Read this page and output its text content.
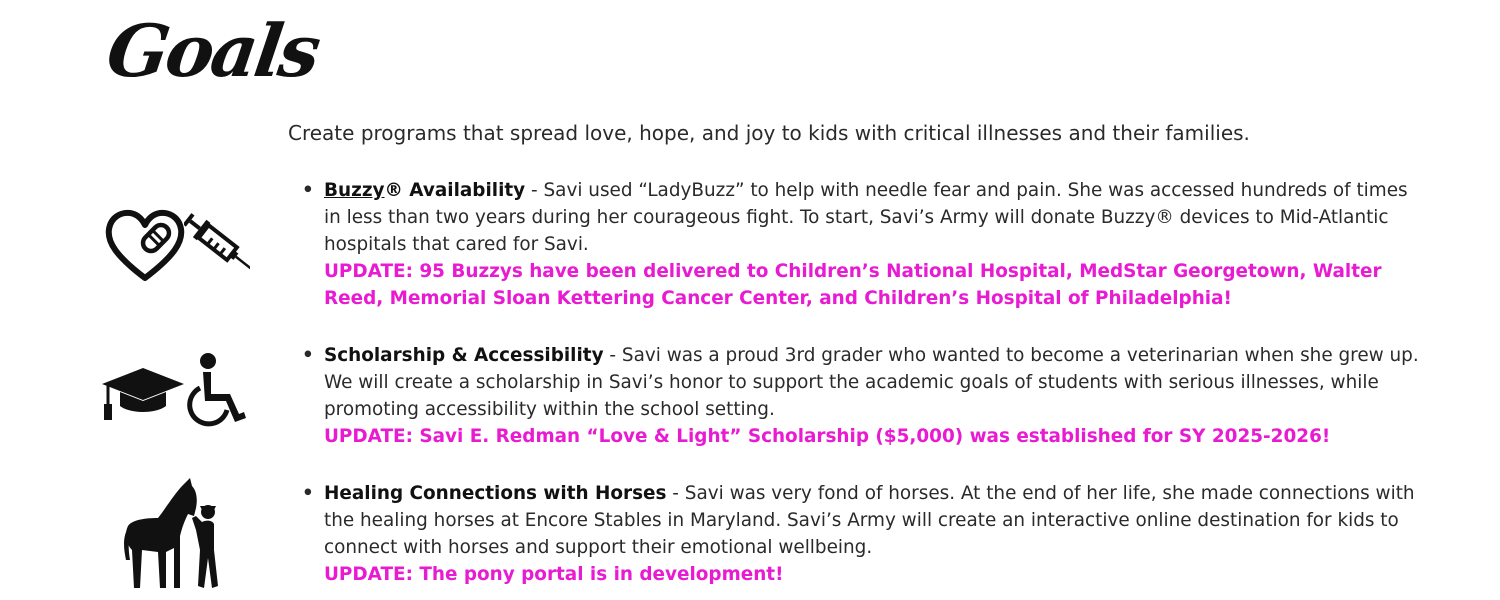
Goals
Create programs that spread love, hope, and joy to kids with critical illnesses and their families.
• Buzzy® Availability - Savi used “LadyBuzz” to help with needle fear and pain. She was accessed hundreds of times in less than two years during her courageous fight. To start, Savi’s Army will donate Buzzy® devices to Mid-Atlantic hospitals that cared for Savi.
UPDATE: 95 Buzzys have been delivered to Children’s National Hospital, MedStar Georgetown, Walter Reed, Memorial Sloan Kettering Cancer Center, and Children’s Hospital of Philadelphia!
• Scholarship & Accessibility - Savi was a proud 3rd grader who wanted to become a veterinarian when she grew up. We will create a scholarship in Savi’s honor to support the academic goals of students with serious illnesses, while promoting accessibility within the school setting.
UPDATE: Savi E. Redman “Love & Light” Scholarship ($5,000) was established for SY 2025-2026!
• Healing Connections with Horses - Savi was very fond of horses. At the end of her life, she made connections with the healing horses at Encore Stables in Maryland. Savi’s Army will create an interactive online destination for kids to connect with horses and support their emotional wellbeing.
UPDATE: The pony portal is in development!
